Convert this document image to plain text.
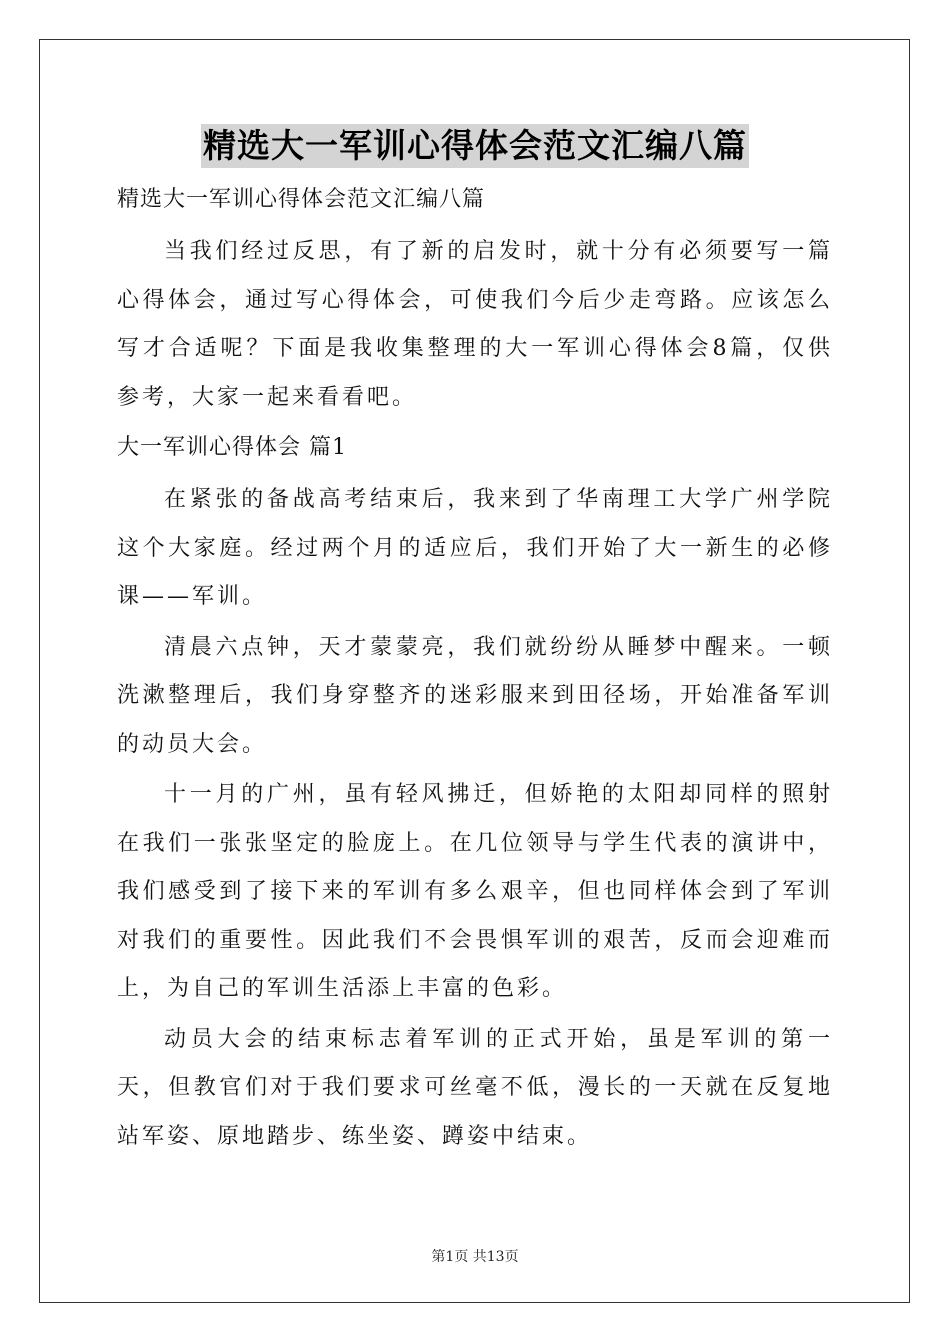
精选大一军训心得体会范文汇编八篇
精选大一军训心得体会范文汇编八篇

当我们经过反思，有了新的启发时，就十分有必须要写一篇心得体会，通过写心得体会，可使我们今后少走弯路。应该怎么写才合适呢？下面是我收集整理的大一军训心得体会8篇，仅供参考，大家一起来看看吧。

大一军训心得体会 篇1

在紧张的备战高考结束后，我来到了华南理工大学广州学院这个大家庭。经过两个月的适应后，我们开始了大一新生的必修课——军训。

清晨六点钟，天才蒙蒙亮，我们就纷纷从睡梦中醒来。一顿洗漱整理后，我们身穿整齐的迷彩服来到田径场，开始准备军训的动员大会。

十一月的广州，虽有轻风拂迁，但娇艳的太阳却同样的照射在我们一张张坚定的脸庞上。在几位领导与学生代表的演讲中，我们感受到了接下来的军训有多么艰辛，但也同样体会到了军训对我们的重要性。因此我们不会畏惧军训的艰苦，反而会迎难而上，为自己的军训生活添上丰富的色彩。

动员大会的结束标志着军训的正式开始，虽是军训的第一天，但教官们对于我们要求可丝毫不低，漫长的一天就在反复地站军姿、原地踏步、练坐姿、蹲姿中结束。

第1页 共13页
